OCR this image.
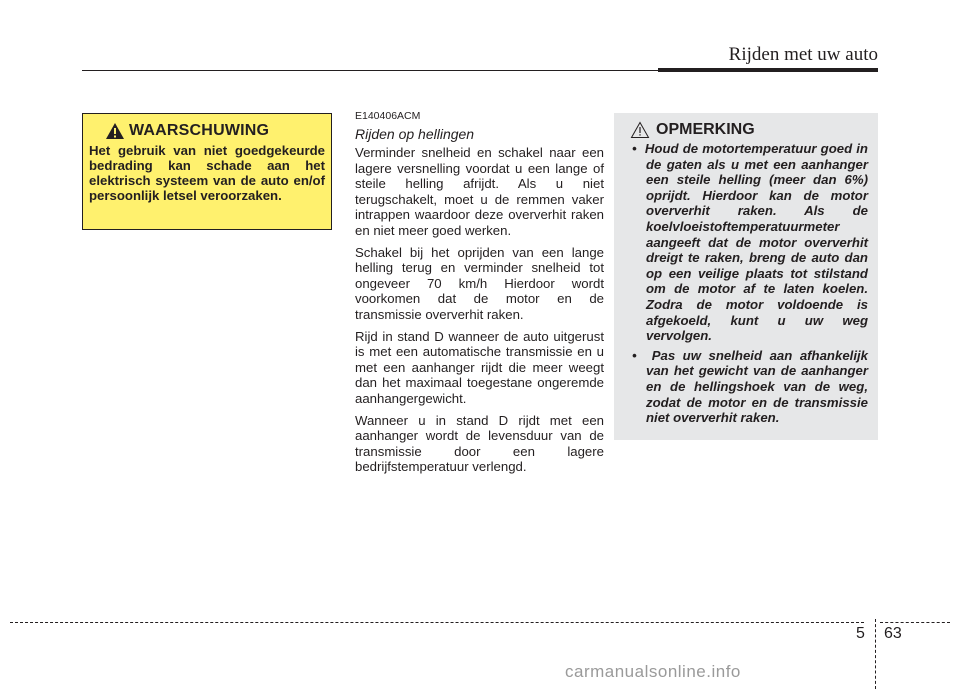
Rijden met uw auto
WAARSCHUWING
Het gebruik van niet goedgekeurde bedrading kan schade aan het elektrisch systeem van de auto en/of persoonlijk letsel veroorzaken.
E140406ACM
Rijden op hellingen

Verminder snelheid en schakel naar een lagere versnelling voordat u een lange of steile helling afrijdt. Als u niet terugschakelt, moet u de remmen vaker intrappen waardoor deze oververhit raken en niet meer goed werken.

Schakel bij het oprijden van een lange helling terug en verminder snelheid tot ongeveer 70 km/h Hierdoor wordt voorkomen dat de motor en de transmissie oververhit raken.

Rijd in stand D wanneer de auto uitgerust is met een automatische transmissie en u met een aanhanger rijdt die meer weegt dan het maximaal toegestane ongeremde aanhangergewicht.

Wanneer u in stand D rijdt met een aanhanger wordt de levensduur van de transmissie door een lagere bedrijfstemperatuur verlengd.

OPMERKING

•  Houd de motortemperatuur goed in de gaten als u met een aanhanger een steile helling (meer dan 6%) oprijdt. Hierdoor kan de motor oververhit raken. Als de koelvloeistoftemperatuurmeter aangeeft dat de motor oververhit dreigt te raken, breng de auto dan op een veilige plaats tot stilstand om de motor af te laten koelen. Zodra de motor voldoende is afgekoeld, kunt u uw weg vervolgen.

•  Pas uw snelheid aan afhankelijk van het gewicht van de aanhanger en de hellingshoek van de weg, zodat de motor en de transmissie niet oververhit raken.

5 63
carmanualsonline.info
